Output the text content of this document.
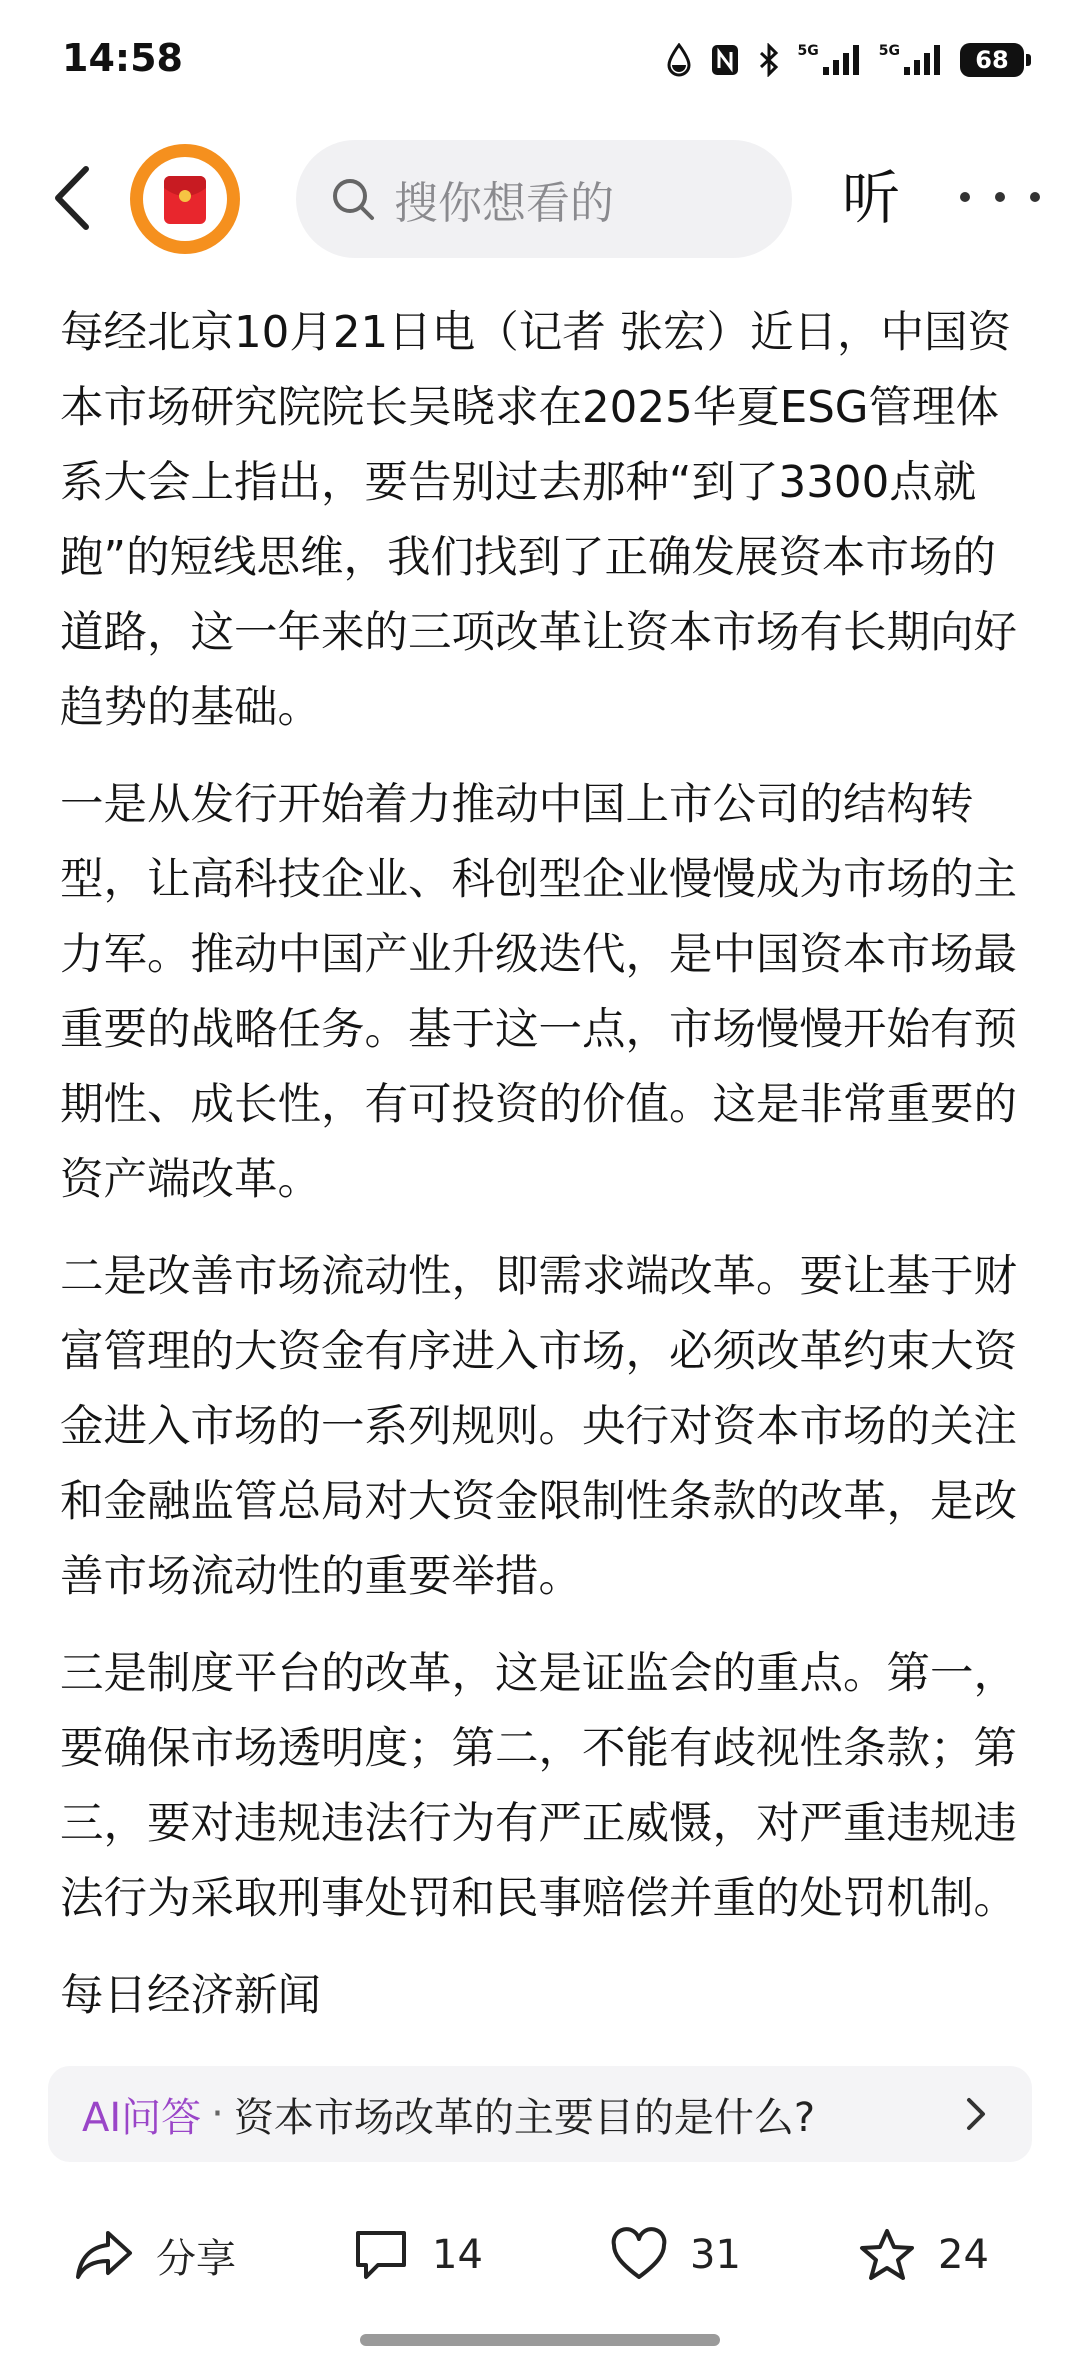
14:58	5G	5G	68
搜你想看的	听

每经北京10月21日电（记者 张宏）近日，中国资本市场研究院院长吴晓求在2025华夏ESG管理体系大会上指出，要告别过去那种“到了3300点就跑”的短线思维，我们找到了正确发展资本市场的道路，这一年来的三项改革让资本市场有长期向好趋势的基础。

一是从发行开始着力推动中国上市公司的结构转型，让高科技企业、科创型企业慢慢成为市场的主力军。推动中国产业升级迭代，是中国资本市场最重要的战略任务。基于这一点，市场慢慢开始有预期性、成长性，有可投资的价值。这是非常重要的资产端改革。

二是改善市场流动性，即需求端改革。要让基于财富管理的大资金有序进入市场，必须改革约束大资金进入市场的一系列规则。央行对资本市场的关注和金融监管总局对大资金限制性条款的改革，是改善市场流动性的重要举措。

三是制度平台的改革，这是证监会的重点。第一，要确保市场透明度；第二，不能有歧视性条款；第三，要对违规违法行为有严正威慑，对严重违规违法行为采取刑事处罚和民事赔偿并重的处罚机制。

每日经济新闻

AI问答 · 资本市场改革的主要目的是什么?
分享	14	31	24
